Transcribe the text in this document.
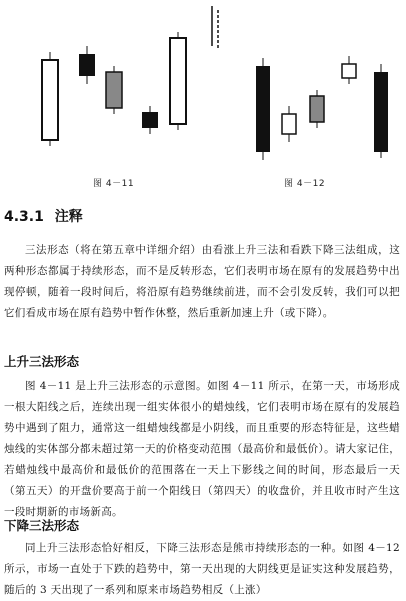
图 4－11	图 4－12
4.3.1 注释

三法形态（将在第五章中详细介绍）由看涨上升三法和看跌下降三法组成，这两种形态都属于持续形态，而不是反转形态，它们表明市场在原有的发展趋势中出现停顿，随着一段时间后，将沿原有趋势继续前进，而不会引发反转，我们可以把它们看成市场在原有趋势中暂作休整，然后重新加速上升（或下降）。

上升三法形态

图 4－11 是上升三法形态的示意图。如图 4－11 所示，在第一天，市场形成一根大阳线之后，连续出现一组实体很小的蜡烛线，它们表明市场在原有的发展趋势中遇到了阻力，通常这一组蜡烛线都是小阴线，而且重要的形态特征是，这些蜡烛线的实体部分都未超过第一天的价格变动范围（最高价和最低价）。请大家记住，若蜡烛线中最高价和最低价的范围落在一天上下影线之间的时间，形态最后一天（第五天）的开盘价要高于前一个阳线日（第四天）的收盘价，并且收市时产生这一段时期新的市场新高。

下降三法形态

同上升三法形态恰好相反，下降三法形态是熊市持续形态的一种。如图 4－12 所示，市场一直处于下跌的趋势中，第一天出现的大阴线更是证实这种发展趋势，随后的 3 天出现了一系列和原来市场趋势相反（上涨）
